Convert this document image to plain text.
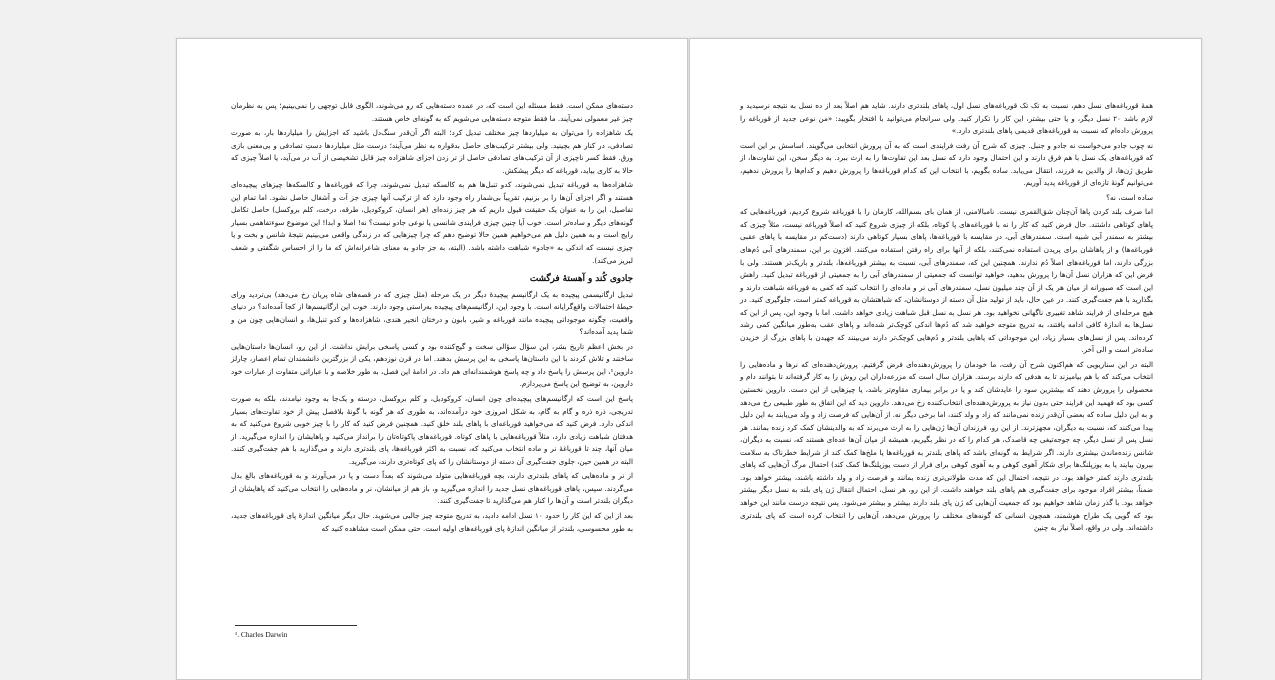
دسته‌های ممکن است. فقط مسئله این است که، در عمده دسته‌هایی که رو می‌شوند، الگوی قابل توجهی را نمی‌بینیم؛ پس به نظرمان چیز غیر معمولی نمی‌آیند. ما فقط متوجه دسته‌هایی می‌شویم که به گونه‌ای خاص هستند.

یک شاهزاده را می‌توان به میلیاردها چیز مختلف تبدیل کرد؛ البته اگر آن‌قدر سنگ‌دل باشید که اجزایش را میلیاردها بار، به صورت تصادفی، در کنار هم بچینید. ولی بیشتر ترکیب‌های حاصل بدقواره به نظر می‌آیند؛ درست مثل میلیاردها دستِ تصادفی و بی‌معنی بازی ورق. فقط کسر ناچیزی از آن ترکیب‌های تصادفی حاصل از تر زدن اجزای شاهزاده چیز قابل تشخیصی از آب در می‌آید، یا اصلاً چیزی که حالا به کاری بیاید، قورباغه که دیگر پیشکش.

شاهزاده‌ها به قورباغه تبدیل نمی‌شوند، کدو تنبل‌ها هم به کالسکه تبدیل نمی‌شوند، چرا که قورباغه‌ها و کالسکه‌ها چیزهای پیچیده‌ای هستند و اگر اجزای آن‌ها را بر بزنیم، تقریباً بی‌شمار راه وجود دارد که از ترکیب آنها چیزی جز آت و آشغال حاصل نشود. اما تمام این تفاصیل، این را به عنوان یک حقیقت قبول داریم که هر چیز زنده‌ای (هر انسان، کروکودیل، طرقه، درخت، کلم بروکسل) حاصل تکامل گونه‌های دیگر و ساده‌تر است. خوب آیا چنین چیزی فرایندی شانسی یا نوعی جادو نیست؟ نه! اصلا و ابدا! این موضوع سوءتفاهمی بسیار رایج است و به همین دلیل هم می‌خواهیم همین حالا توضیح دهم که چرا چیزهایی که در زندگی واقعی می‌بینیم نتیجهٔ شانس و بخت و یا چیزی نیست که اندکی به «جادو» شباهت داشته باشد. (البته، به جز جادو به معنای شاعرانه‌اش که ما را از احساس شگفتی و شعف لبریز می‌کند).

جادوی کُند و آهستهٔ فرگشت

تبدیل ارگانیسمی پیچیده به یک ارگانیسم پیچیدهٔ دیگر در یک مرحله (مثل چیزی که در قصه‌های شاه پریان رخ می‌دهد) بی‌تردید ورای حیطهٔ احتمالات واقع‌گرایانه است. با وجود این، ارگانیسم‌های پیچیده به‌راستی وجود دارند. خوب این ارگانیسم‌ها از کجا آمده‌اند؟ در دنیای واقعیت، چگونه موجوداتی پیچیده مانند قورباغه و شیر، بابون و درختان انجیر هندی، شاهزاده‌ها و کدو تنبل‌ها، و انسان‌هایی چون من و شما پدید آمده‌اند؟

در بخش اعظم تاریخ بشر، این سؤال سؤالی سخت و گیج‌کننده بود و کسی پاسخی برایش نداشت. از این رو، انسان‌ها داستان‌هایی ساختند و تلاش کردند با این داستان‌ها پاسخی به این پرسش بدهند. اما در قرن نوزدهم، یکی از بزرگترین دانشمندان تمام اعصار، چارلز داروین¹، این پرسش را پاسخ داد و چه پاسخ هوشمندانه‌ای هم داد. در ادامهٔ این فصل، به طور خلاصه و با عباراتی متفاوت از عبارات خود داروین، به توضیح این پاسخ می‌پردازم.

پاسخ این است که ارگانیسم‌های پیچیده‌ای چون انسان، کروکودیل، و کلم بروکسل، درسته و یک‌جا به وجود نیامدند، بلکه به صورت تدریجی، ذره ذره و گام به گام، به شکل امروزی خود درآمده‌اند، به طوری که هر گونه با گونهٔ بلافصل پیش از خود تفاوت‌های بسیار اندکی دارد. فرض کنید که می‌خواهید قورباغه‌ای با پاهای بلند خلق کنید. همچنین فرض کنید که کار را با چیز خوبی شروع می‌کنید که به هدفتان شباهت زیادی دارد، مثلاً قورباغه‌هایی با پاهای کوتاه. قورباغه‌های پاکوتاه‌تان را برانداز می‌کنید و پاهایشان را اندازه می‌گیرید. از میان آنها، چند تا قورباغهٔ نر و ماده انتخاب می‌کنید که، نسبت به اکثر قورباغه‌ها، پای بلندتری دارند و می‌گذارید با هم جفت‌گیری کنند. البته در همین حین، جلوی جفت‌گیری آن دسته از دوستانشان را که پای کوتاه‌تری دارند، می‌گیرید.

از نر و ماده‌هایی که پاهای بلندتری دارند، بچه قورباغه‌هایی متولد می‌شوند که بعداً دست و پا در می‌آورند و به قورباغه‌های بالغ بدل می‌گردند. سپس، پاهای قورباغه‌های نسل جدید را اندازه می‌گیرید و، باز هم از میانشان، نر و ماده‌هایی را انتخاب می‌کنید که پاهایشان از دیگران بلندتر است و آن‌ها را کنار هم می‌گذارید تا جفت‌گیری کنند.

بعد از این که این کار را حدود ۱۰ نسل ادامه دادید، به تدریج متوجه چیز جالبی می‌شوید. حال دیگر میانگین اندازهٔ پای قورباغه‌های جدید، به طور محسوسی، بلندتر از میانگین اندازهٔ پای قورباغه‌های اولیه است. حتی ممکن است مشاهده کنید که

¹. Charles Darwin

همهٔ قورباغه‌های نسل دهم، نسبت به تک تک قورباغه‌های نسل اول، پاهای بلندتری دارند. شاید هم اصلاً بعد از ده نسل به نتیجه نرسیدید و لازم باشد ۲۰ نسل دیگر، و یا حتی بیشتر، این کار را تکرار کنید. ولی سرانجام می‌توانید با افتخار بگویید: «من نوعی جدید از قورباغه را پرورش داده‌ام که نسبت به قورباغه‌های قدیمی پاهای بلندتری دارد.»

نه چوب جادو می‌خواست نه جادو و جنبل. چیزی که شرح آن رفت فرایندی است که به آن پرورش انتخابی می‌گویند. اساسش بر این است که قورباغه‌های یک نسل با هم فرق دارند و این احتمال وجود دارد که نسل بعد این تفاوت‌ها را به ارث ببرد. به دیگر سخن، این تفاوت‌ها، از طریق ژن‌ها، از والدین به فرزند، انتقال می‌یابد. ساده بگویم، با انتخاب این که کدام قورباغه‌ها را پرورش دهیم و کدام‌ها را پرورش ندهیم، می‌توانیم گونهٔ تازه‌ای از قورباغه پدید آوریم.

ساده است، نه؟

اما صرف بلند کردن پاها آن‌چنان شق‌القمری نیست. نامبالامنی، از همان بای بسم‌الله، کارمان را با قورباغه شروع کردیم، قورباغه‌هایی که پاهای کوتاهی داشتند. حال فرض کنید که کار را نه با قورباغه‌های پا کوتاه، بلکه از چیزی شروع کنید که اصلاً قورباغه نیست، مثلاً چیزی که بیشتر به سمندر آبی شبیه است. سمندرهای آبی، در مقایسه با قورباغه‌ها، پاهای بسیار کوتاهی دارند (دست‌کم در مقایسه با پاهای عقبی قورباغه‌ها) و از پاهاشان برای پریدن استفاده نمی‌کنند، بلکه از آنها برای راه رفتن استفاده می‌کنند. افزون بر این، سمندرهای آبی دُم‌های بزرگی دارند، اما قورباغه‌های اصلاً دُم ندارند. همچنین این که، سمندرهای آبی، نسبت به بیشتر قورباغه‌ها، بلندتر و باریک‌تر هستند. ولی با فرض این که هزاران نسل آن‌ها را پرورش بدهید، خواهید توانست که جمعیتی از سمندرهای آبی را به جمعیتی از قورباغه تبدیل کنید. راهش این است که صبورانه از میان هر یک از آن چند میلیون نسل، سمندرهای آبی نر و ماده‌ای را انتخاب کنید که کمی به قورباغه شباهت دارند و بگذارید با هم جفت‌گیری کنند. در عین حال، باید از تولید مثل آن دسته از دوستانشان، که شباهتشان به قورباغه کمتر است، جلوگیری کنید. در هیچ مرحله‌ای از فرایند شاهد تغییری ناگهانی نخواهید بود. هر نسل به نسل قبل شباهت زیادی خواهد داشت. اما با وجود این، پس از این که نسل‌ها به اندازهٔ کافی ادامه یافتند، به تدریج متوجه خواهید شد که دُم‌ها اندکی کوچک‌تر شده‌اند و پاهای عقب به‌طور میانگین کمی رشد کرده‌اند. پس از نسل‌های بسیار زیاد، این موجوداتی که پاهایی بلندتر و دُم‌هایی کوچک‌تر دارند می‌بینند که جهیدن با پاهای بزرگ از خزیدن ساده‌تر است و الی آخر.

البته در این سناریویی که هم‌اکنون شرح آن رفت، ما خودمان را پرورش‌دهنده‌ای فرض گرفتیم. پرورش‌دهنده‌ای که نرها و ماده‌هایی را انتخاب می‌کند که با هم بیامیزند تا به هدفی که دارند برسند. هزاران سال است که مزرعه‌داران این روش را به کار گرفته‌اند تا بتوانند دام و محصولی را پرورش دهند که بیشترین سود را عایدشان کند و یا در برابر بیماری مقاوم‌تر باشد، یا چیزهایی از این دست. داروین نخستین کسی بود که فهمید این فرایند حتی بدون نیاز به پرورش‌دهنده‌ای انتخاب‌کننده رخ می‌دهد. داروین دید که این اتفاق به طور طبیعی رخ می‌دهد و به این دلیل ساده که بعضی آن‌قدر زنده نمی‌مانند که زاد و ولد کنند، اما برخی دیگر نه. از آن‌هایی که فرصت زاد و ولد می‌یابند به این دلیل پیدا می‌کنند که، نسبت به دیگران، مجهزترند. از این رو، فرزندان آن‌ها ژن‌هایی را به ارث می‌برند که به والدینشان کمک کرد زنده بمانند. هر نسل پس از نسل دیگر، چه جوجه‌تیغی چه قاصدک، هر کدام را که در نظر بگیریم، همیشه از میان آن‌ها عده‌ای هستند که، نسبت به دیگران، شانس زنده‌ماندن بیشتری دارند. اگر شرایط به گونه‌ای باشد که پاهای بلندتر به قورباغه‌ها یا ملخ‌ها کمک کند از شرایط خطرناک به سلامت بیرون بیایند یا به یوزپلنگ‌ها برای شکار آهوی کوهی و به آهوی کوهی برای فرار از دست یوزپلنگ‌ها کمک کند) احتمال مرگ آن‌هایی که پاهای بلندتری دارند کمتر خواهد بود. در نتیجه، احتمال این که مدت طولانی‌تری زنده بمانند و فرصت زاد و ولد داشته باشند، بیشتر خواهد بود. ضمناً، بیشتر افراد موجود برای جفت‌گیری هم پاهای بلند خواهند داشت. از این رو، هر نسل، احتمال انتقال ژن پای بلند به نسل دیگر بیشتر خواهد بود. با گذر زمان شاهد خواهیم بود که جمعیت آن‌هایی که ژن پای بلند دارند بیشتر و بیشتر می‌شود. پس نتیجه درست مانند این خواهد بود که گویی یک طراح هوشمند، همچون انسانی که گونه‌های مختلف را پرورش می‌دهد، آن‌هایی را انتخاب کرده است که پای بلندتری داشته‌اند. ولی در واقع، اصلاً نیاز به چنین
